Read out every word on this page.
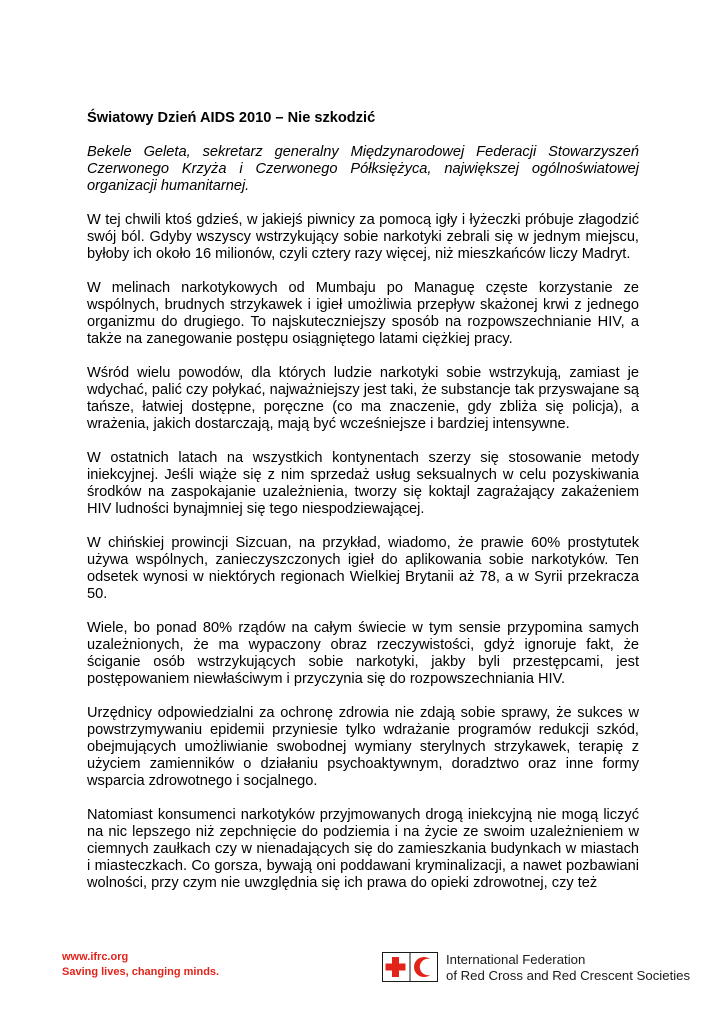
Światowy Dzień AIDS 2010 – Nie szkodzić

Bekele Geleta, sekretarz generalny Międzynarodowej Federacji Stowarzyszeń Czerwonego Krzyża i Czerwonego Półksiężyca, największej ogólnoświatowej organizacji humanitarnej.

W tej chwili ktoś gdzieś, w jakiejś piwnicy za pomocą igły i łyżeczki próbuje złagodzić swój ból. Gdyby wszyscy wstrzykujący sobie narkotyki zebrali się w jednym miejscu, byłoby ich około 16 milionów, czyli cztery razy więcej, niż mieszkańców liczy Madryt.

W melinach narkotykowych od Mumbaju po Managuę częste korzystanie ze wspólnych, brudnych strzykawek i igieł umożliwia przepływ skażonej krwi z jednego organizmu do drugiego. To najskuteczniejszy sposób na rozpowszechnianie HIV, a także na zanegowanie postępu osiągniętego latami ciężkiej pracy.

Wśród wielu powodów, dla których ludzie narkotyki sobie wstrzykują, zamiast je wdychać, palić czy połykać, najważniejszy jest taki, że substancje tak przyswajane są tańsze, łatwiej dostępne, poręczne (co ma znaczenie, gdy zbliża się policja), a wrażenia, jakich dostarczają, mają być wcześniejsze i bardziej intensywne.

W ostatnich latach na wszystkich kontynentach szerzy się stosowanie metody iniekcyjnej. Jeśli wiąże się z nim sprzedaż usług seksualnych w celu pozyskiwania środków na zaspokajanie uzależnienia, tworzy się koktajl zagrażający zakażeniem HIV ludności bynajmniej się tego niespodziewającej.

W chińskiej prowincji Sizcuan, na przykład, wiadomo, że prawie 60% prostytutek używa wspólnych, zanieczyszczonych igieł do aplikowania sobie narkotyków. Ten odsetek wynosi w niektórych regionach Wielkiej Brytanii aż 78, a w Syrii przekracza 50.

Wiele, bo ponad 80% rządów na całym świecie w tym sensie przypomina samych uzależnionych, że ma wypaczony obraz rzeczywistości, gdyż ignoruje fakt, że ściganie osób wstrzykujących sobie narkotyki, jakby byli przestępcami, jest postępowaniem niewłaściwym i przyczynia się do rozpowszechniania HIV.

Urzędnicy odpowiedzialni za ochronę zdrowia nie zdają sobie sprawy, że sukces w powstrzymywaniu epidemii przyniesie tylko wdrażanie programów redukcji szkód, obejmujących umożliwianie swobodnej wymiany sterylnych strzykawek, terapię z użyciem zamienników o działaniu psychoaktywnym, doradztwo oraz inne formy wsparcia zdrowotnego i socjalnego.

Natomiast konsumenci narkotyków przyjmowanych drogą iniekcyjną nie mogą liczyć na nic lepszego niż zepchnięcie do podziemia i na życie ze swoim uzależnieniem w ciemnych zaułkach czy w nienadających się do zamieszkania budynkach w miastach i miasteczkach. Co gorsza, bywają oni poddawani kryminalizacji, a nawet pozbawiani wolności, przy czym nie uwzględnia się ich prawa do opieki zdrowotnej, czy też

www.ifrc.org
Saving lives, changing minds.
International Federation
of Red Cross and Red Crescent Societies
